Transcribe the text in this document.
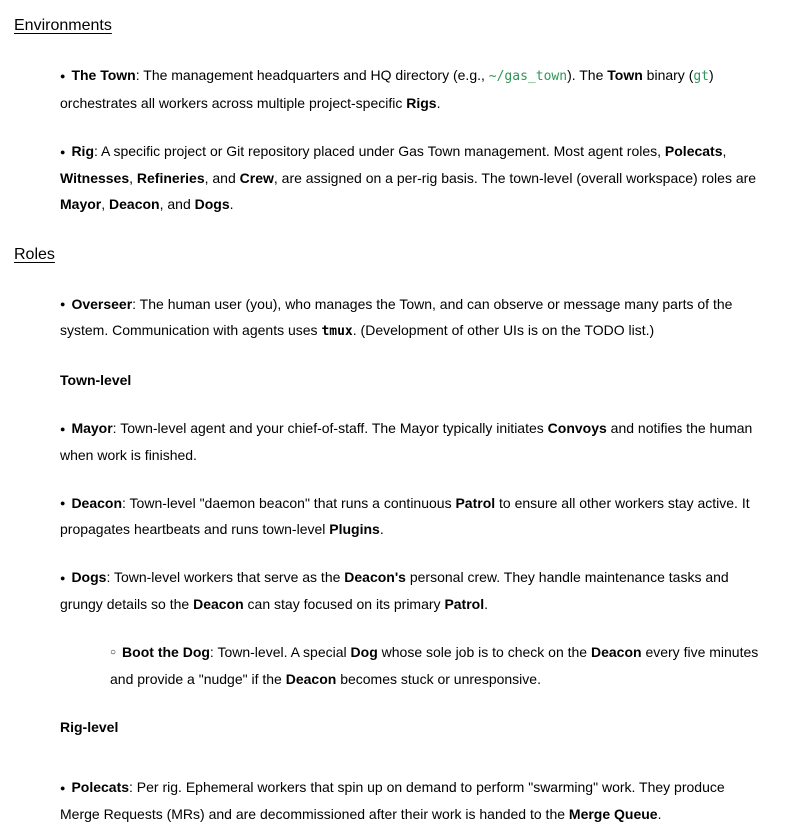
Environments

● The Town: The management headquarters and HQ directory (e.g., ~/gas_town). The Town binary (gt) orchestrates all workers across multiple project-specific Rigs.

● Rig: A specific project or Git repository placed under Gas Town management. Most agent roles, Polecats, Witnesses, Refineries, and Crew, are assigned on a per-rig basis. The town-level (overall workspace) roles are Mayor, Deacon, and Dogs.

Roles

● Overseer: The human user (you), who manages the Town, and can observe or message many parts of the system. Communication with agents uses tmux. (Development of other UIs is on the TODO list.)

Town-level

● Mayor: Town-level agent and your chief-of-staff. The Mayor typically initiates Convoys and notifies the human when work is finished.

● Deacon: Town-level "daemon beacon" that runs a continuous Patrol to ensure all other workers stay active. It propagates heartbeats and runs town-level Plugins.

● Dogs: Town-level workers that serve as the Deacon's personal crew. They handle maintenance tasks and grungy details so the Deacon can stay focused on its primary Patrol.

○ Boot the Dog: Town-level. A special Dog whose sole job is to check on the Deacon every five minutes and provide a "nudge" if the Deacon becomes stuck or unresponsive.

Rig-level

● Polecats: Per rig. Ephemeral workers that spin up on demand to perform "swarming" work. They produce Merge Requests (MRs) and are decommissioned after their work is handed to the Merge Queue.
